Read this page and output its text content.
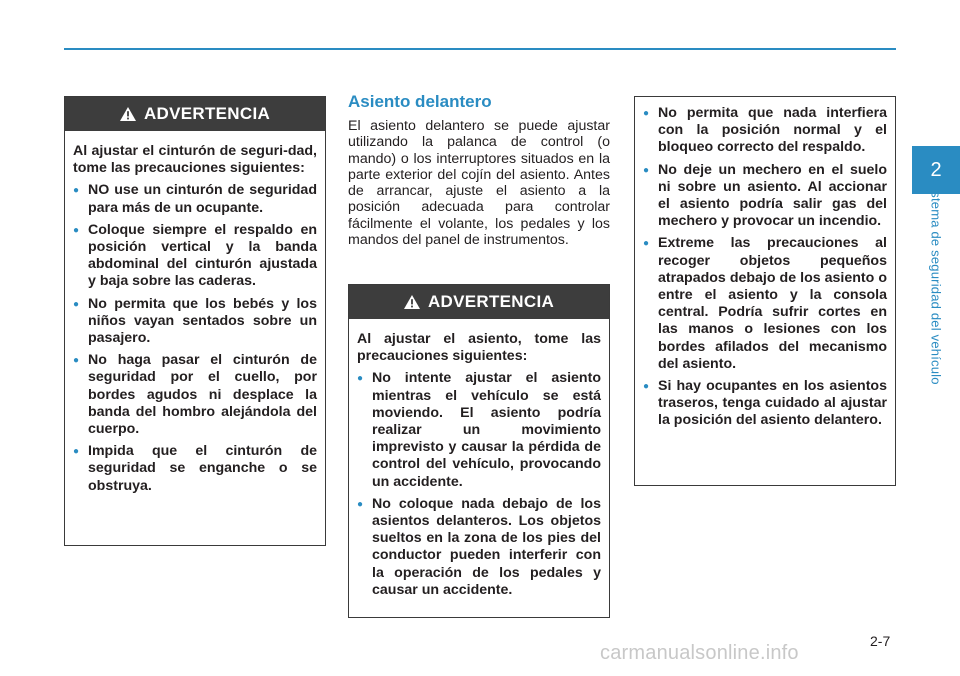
2
Sistema de seguridad del vehículo
ADVERTENCIA

Al ajustar el cinturón de seguri-dad, tome las precauciones siguientes:

● NO use un cinturón de seguridad para más de un ocupante.
● Coloque siempre el respaldo en posición vertical y la banda abdominal del cinturón ajustada y baja sobre las caderas.
● No permita que los bebés y los niños vayan sentados sobre un pasajero.
● No haga pasar el cinturón de seguridad por el cuello, por bordes agudos ni desplace la banda del hombro alejándola del cuerpo.
● Impida que el cinturón de seguridad se enganche o se obstruya.
Asiento delantero

El asiento delantero se puede ajustar utilizando la palanca de control (o mando) o los interruptores situados en la parte exterior del cojín del asiento. Antes de arrancar, ajuste el asiento a la posición adecuada para controlar fácilmente el volante, los pedales y los mandos del panel de instrumentos.

ADVERTENCIA

Al ajustar el asiento, tome las precauciones siguientes:

● No intente ajustar el asiento mientras el vehículo se está moviendo. El asiento podría realizar un movimiento imprevisto y causar la pérdida de control del vehículo, provocando un accidente.
● No coloque nada debajo de los asientos delanteros. Los objetos sueltos en la zona de los pies del conductor pueden interferir con la operación de los pedales y causar un accidente.
● No permita que nada interfiera con la posición normal y el bloqueo correcto del respaldo.
● No deje un mechero en el suelo ni sobre un asiento. Al accionar el asiento podría salir gas del mechero y provocar un incendio.
● Extreme las precauciones al recoger objetos pequeños atrapados debajo de los asiento o entre el asiento y la consola central. Podría sufrir cortes en las manos o lesiones con los bordes afilados del mecanismo del asiento.
● Si hay ocupantes en los asientos traseros, tenga cuidado al ajustar la posición del asiento delantero.
2-7
carmanualsonline.info
